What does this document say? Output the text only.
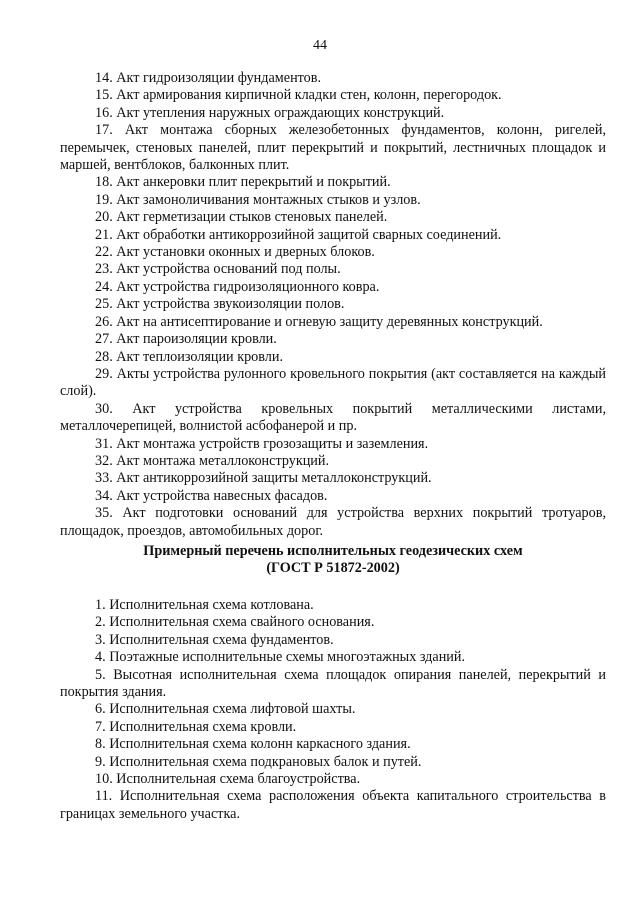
44

14. Акт гидроизоляции фундаментов.

15. Акт армирования кирпичной кладки стен, колонн, перегородок.

16. Акт утепления наружных ограждающих конструкций.

17. Акт монтажа сборных железобетонных фундаментов, колонн, ригелей, перемычек, стеновых панелей, плит перекрытий и покрытий, лестничных площадок и маршей, вентблоков, балконных плит.

18. Акт анкеровки плит перекрытий и покрытий.

19. Акт замоноличивания монтажных стыков и узлов.

20. Акт герметизации стыков стеновых панелей.

21. Акт обработки антикоррозийной защитой сварных соединений.

22. Акт установки оконных и дверных блоков.

23. Акт устройства оснований под полы.

24. Акт устройства гидроизоляционного ковра.

25. Акт устройства звукоизоляции полов.

26. Акт на антисептирование и огневую защиту деревянных конструкций.

27. Акт пароизоляции кровли.

28. Акт теплоизоляции кровли.

29. Акты устройства рулонного кровельного покрытия (акт составляется на каждый слой).

30. Акт устройства кровельных покрытий металлическими листами, металлочерепицей, волнистой асбофанерой и пр.

31. Акт монтажа устройств грозозащиты и заземления.

32. Акт монтажа металлоконструкций.

33. Акт антикоррозийной защиты металлоконструкций.

34. Акт устройства навесных фасадов.

35. Акт подготовки оснований для устройства верхних покрытий тротуаров, площадок, проездов, автомобильных дорог.

Примерный перечень исполнительных геодезических схем
(ГОСТ Р 51872-2002)

1. Исполнительная схема котлована.

2. Исполнительная схема свайного основания.

3. Исполнительная схема фундаментов.

4. Поэтажные исполнительные схемы многоэтажных зданий.

5. Высотная исполнительная схема площадок опирания панелей, перекрытий и покрытия здания.

6. Исполнительная схема лифтовой шахты.

7. Исполнительная схема кровли.

8. Исполнительная схема колонн каркасного здания.

9. Исполнительная схема подкрановых балок и путей.

10. Исполнительная схема благоустройства.

11. Исполнительная схема расположения объекта капитального строительства в границах земельного участка.
